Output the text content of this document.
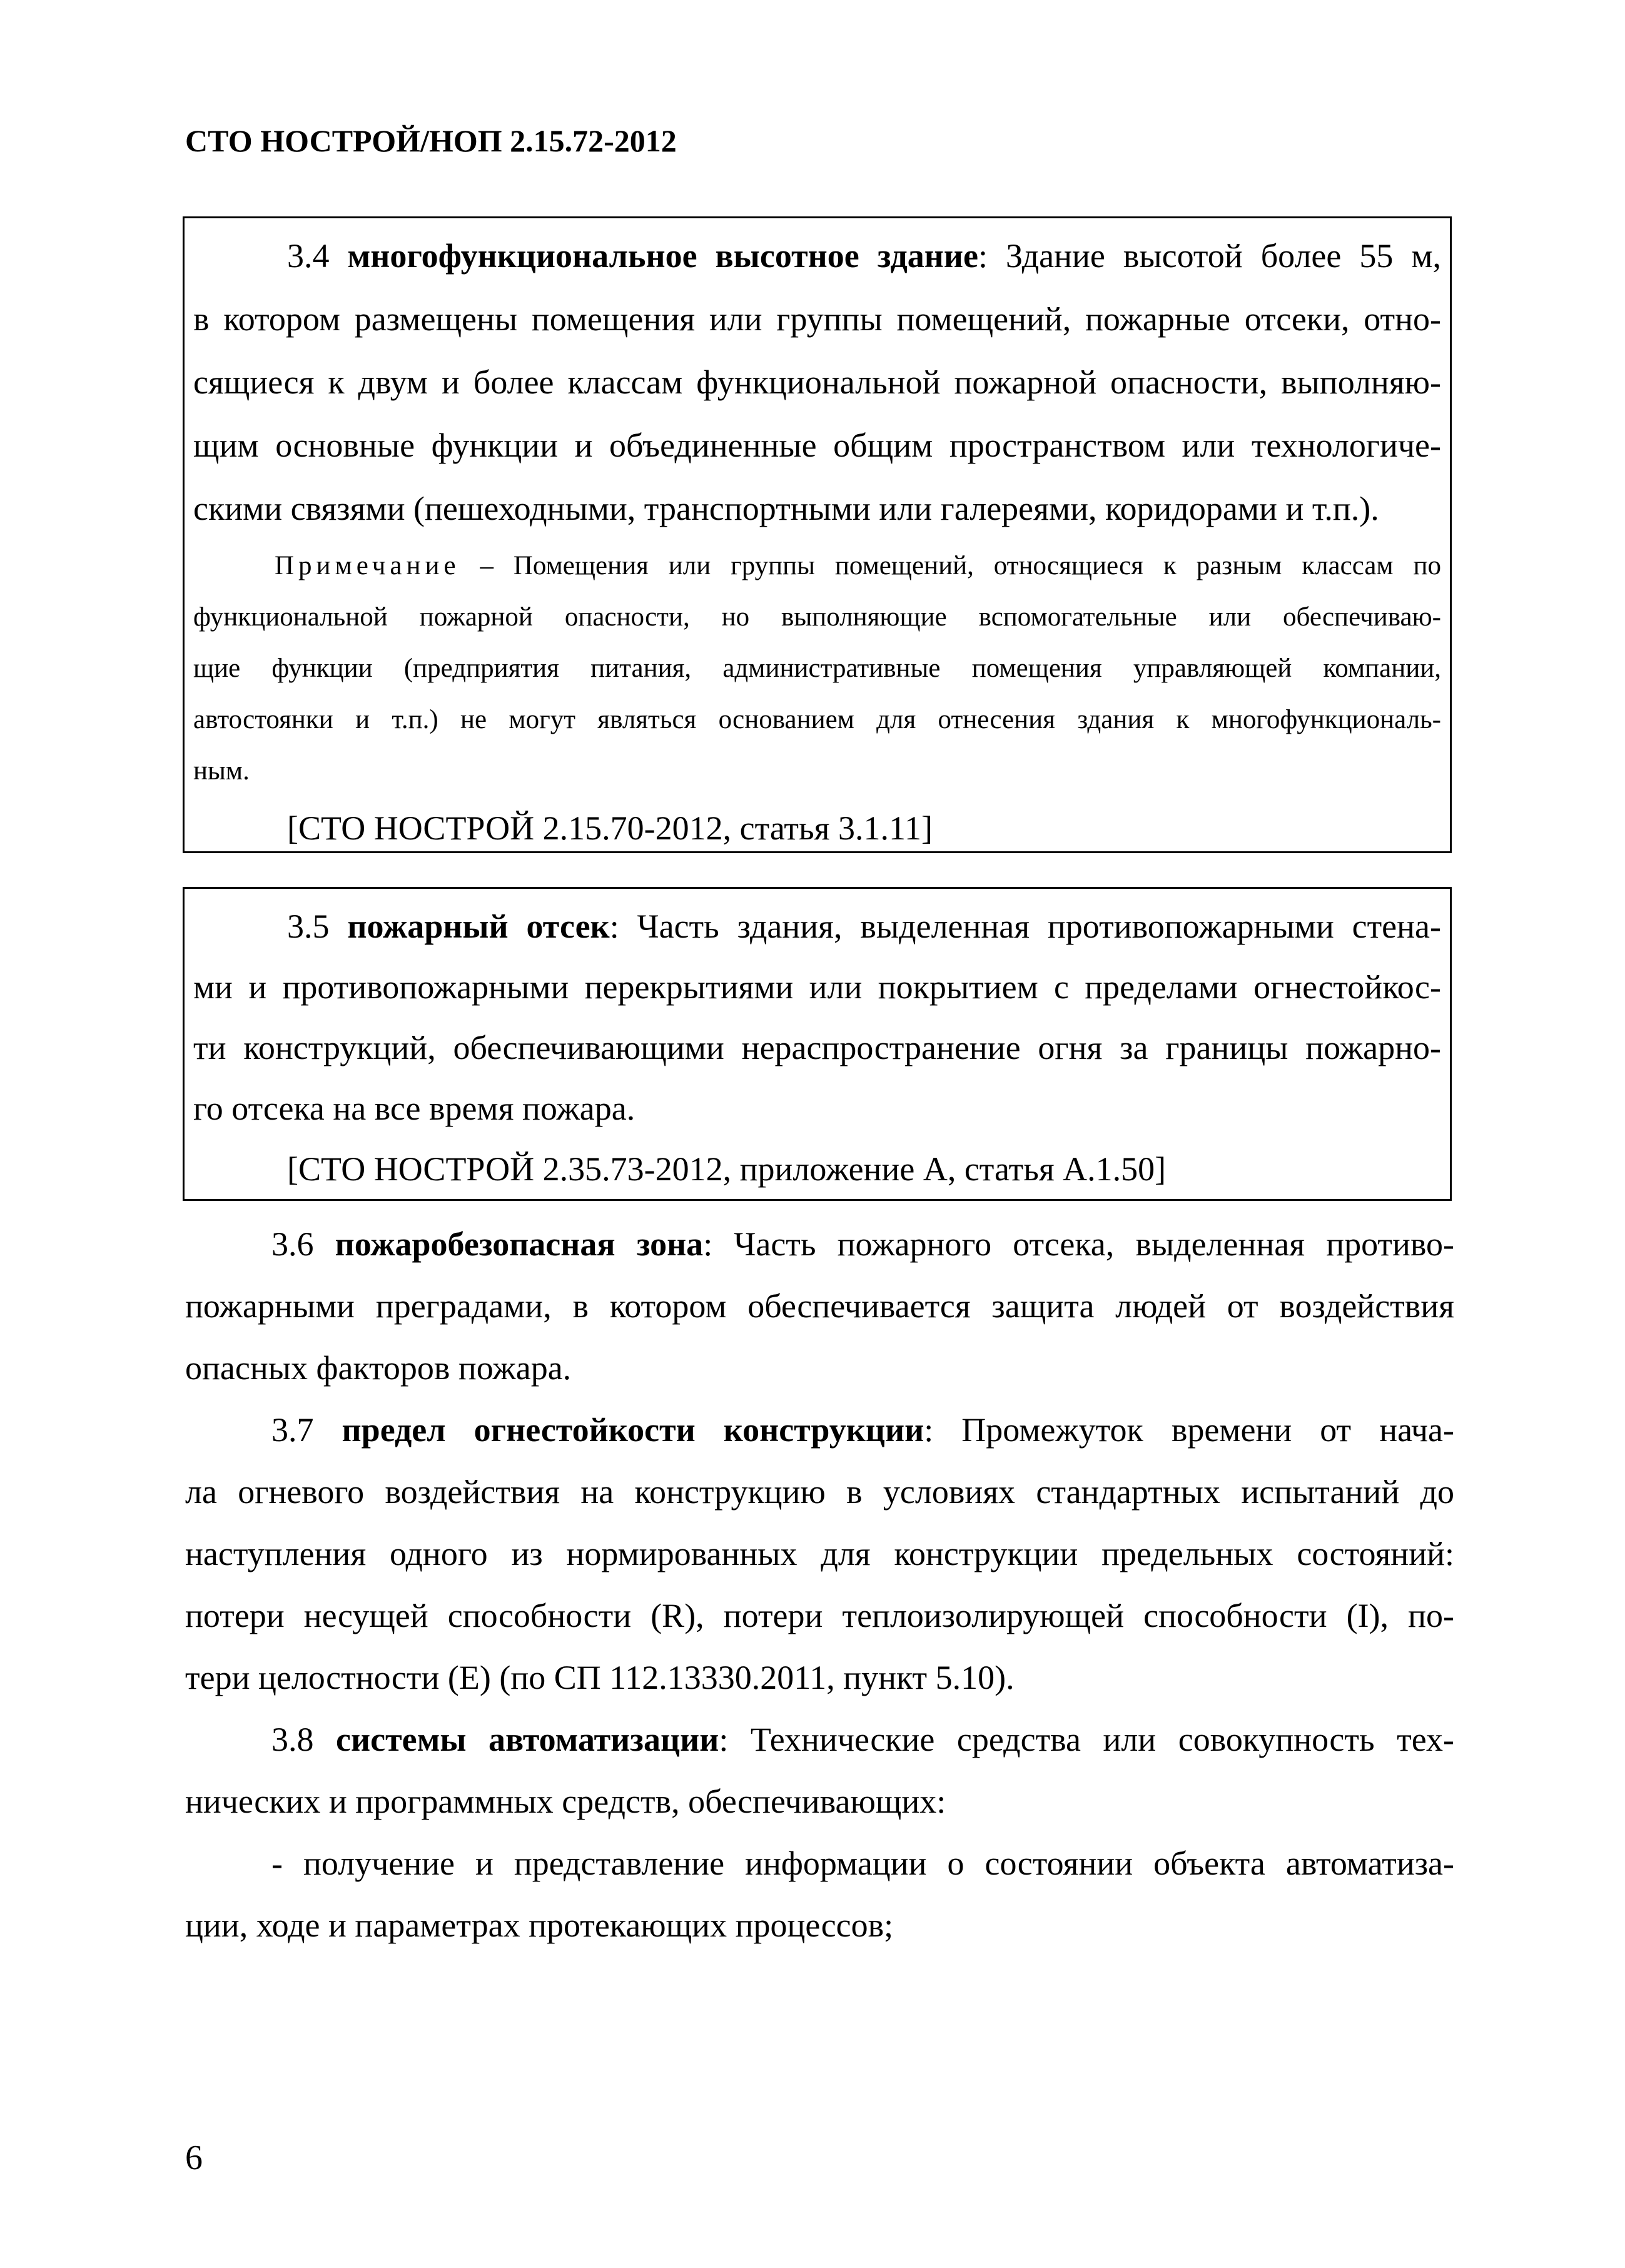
СТО НОСТРОЙ/НОП 2.15.72-2012
3.4 многофункциональное высотное здание: Здание высотой более 55 м,
в котором размещены помещения или группы помещений, пожарные отсеки, отно-
сящиеся к двум и более классам функциональной пожарной опасности, выполняю-
щим основные функции и объединенные общим пространством или технологиче-
скими связями (пешеходными, транспортными или галереями, коридорами и т.п.).
Примечание – Помещения или группы помещений, относящиеся к разным классам по
функциональной пожарной опасности, но выполняющие вспомогательные или обеспечиваю-
щие функции (предприятия питания, административные помещения управляющей компании,
автостоянки и т.п.) не могут являться основанием для отнесения здания к многофункциональ-
ным.
[СТО НОСТРОЙ 2.15.70-2012, статья 3.1.11]
3.5 пожарный отсек: Часть здания, выделенная противопожарными стена-
ми и противопожарными перекрытиями или покрытием с пределами огнестойкос-
ти конструкций, обеспечивающими нераспространение огня за границы пожарно-
го отсека на все время пожара.
[СТО НОСТРОЙ 2.35.73-2012, приложение А, статья А.1.50]
3.6 пожаробезопасная зона: Часть пожарного отсека, выделенная противо-
пожарными преградами, в котором обеспечивается защита людей от воздействия
опасных факторов пожара.
3.7 предел огнестойкости конструкции: Промежуток времени от нача-
ла огневого воздействия на конструкцию в условиях стандартных испытаний до
наступления одного из нормированных для конструкции предельных состояний:
потери несущей способности (R), потери теплоизолирующей способности (I), по-
тери целостности (Е) (по СП 112.13330.2011, пункт 5.10).
3.8 системы автоматизации: Технические средства или совокупность тех-
нических и программных средств, обеспечивающих:
- получение и представление информации о состоянии объекта автоматиза-
ции, ходе и параметрах протекающих процессов;
6
